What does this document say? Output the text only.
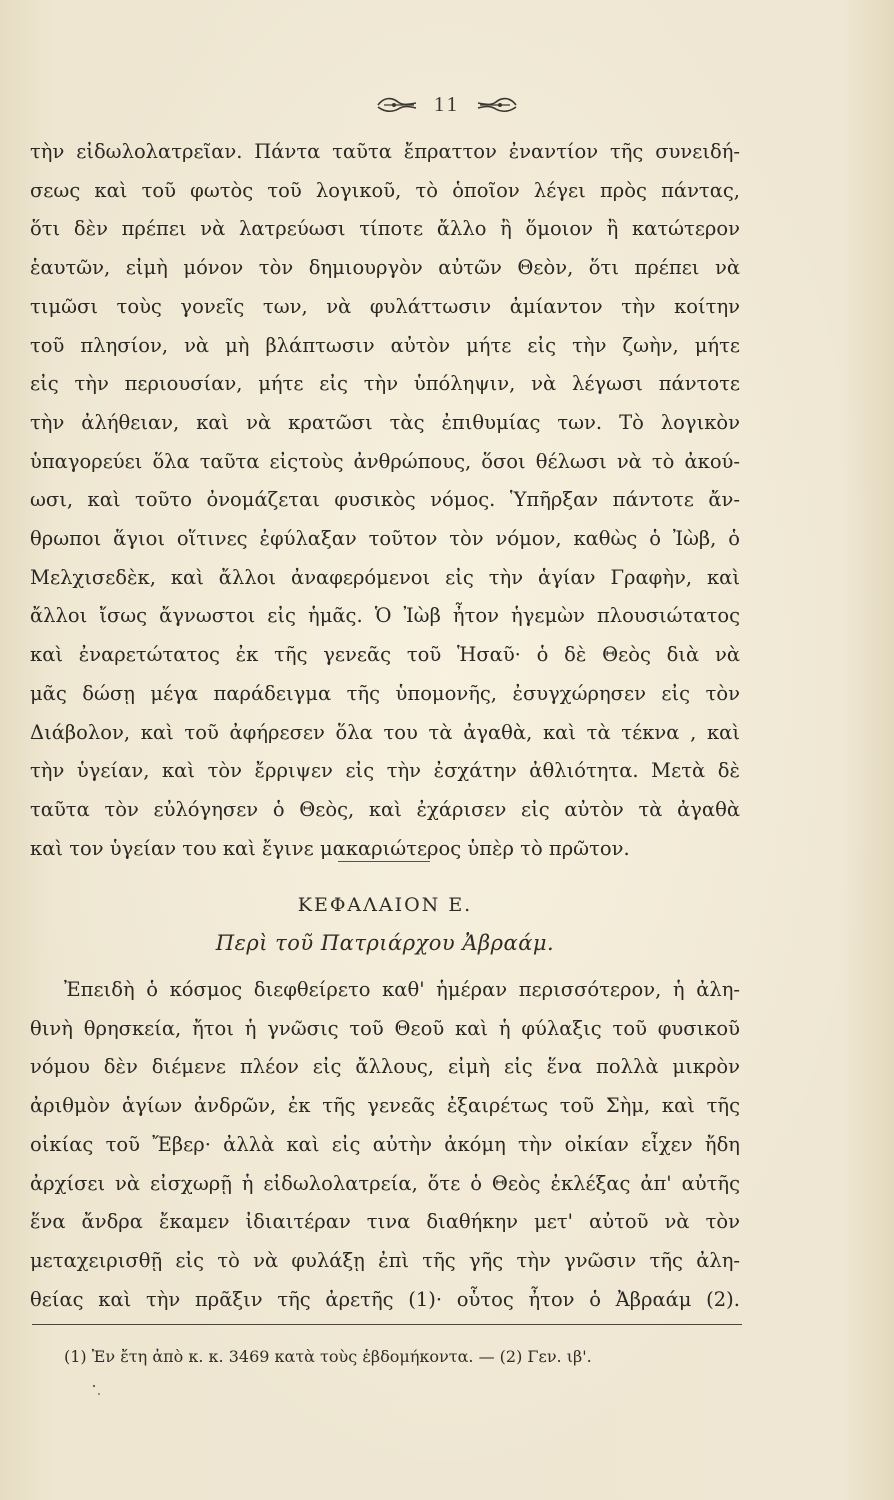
11
τὴν εἰδωλολατρεῖαν. Πάντα ταῦτα ἔπραττον ἐναντίον τῆς συνειδή-
σεως καὶ τοῦ φωτὸς τοῦ λογικοῦ, τὸ ὁποῖον λέγει πρὸς πάντας,
ὅτι δὲν πρέπει νὰ λατρεύωσι τίποτε ἄλλο ἢ ὅμοιον ἢ κατώτερον
ἑαυτῶν, εἰμὴ μόνον τὸν δημιουργὸν αὐτῶν Θεὸν, ὅτι πρέπει νὰ
τιμῶσι τοὺς γονεῖς των, νὰ φυλάττωσιν ἀμίαντον τὴν κοίτην
τοῦ πλησίον, νὰ μὴ βλάπτωσιν αὐτὸν μήτε εἰς τὴν ζωὴν, μήτε
εἰς τὴν περιουσίαν, μήτε εἰς τὴν ὑπόληψιν, νὰ λέγωσι πάντοτε
τὴν ἀλήθειαν, καὶ νὰ κρατῶσι τὰς ἐπιθυμίας των. Τὸ λογικὸν
ὑπαγορεύει ὅλα ταῦτα εἰςτοὺς ἀνθρώπους, ὅσοι θέλωσι νὰ τὸ ἀκού-
ωσι, καὶ τοῦτο ὀνομάζεται φυσικὸς νόμος. Ὑπῆρξαν πάντοτε ἄν-
θρωποι ἅγιοι οἵτινες ἐφύλαξαν τοῦτον τὸν νόμον, καθὼς ὁ Ἰὼβ, ὁ
Μελχισεδὲκ, καὶ ἄλλοι ἀναφερόμενοι εἰς τὴν ἁγίαν Γραφὴν, καὶ
ἄλλοι ἴσως ἄγνωστοι εἰς ἡμᾶς. Ὁ Ἰὼβ ἦτον ἡγεμὼν πλουσιώτατος
καὶ ἐναρετώτατος ἐκ τῆς γενεᾶς τοῦ Ἡσαῦ· ὁ δὲ Θεὸς διὰ νὰ
μᾶς δώσῃ μέγα παράδειγμα τῆς ὑπομονῆς, ἐσυγχώρησεν εἰς τὸν
Διάβολον, καὶ τοῦ ἀφήρεσεν ὅλα του τὰ ἀγαθὰ, καὶ τὰ τέκνα , καὶ
τὴν ὑγείαν, καὶ τὸν ἔρριψεν εἰς τὴν ἐσχάτην ἀθλιότητα. Μετὰ δὲ
ταῦτα τὸν εὐλόγησεν ὁ Θεὸς, καὶ ἐχάρισεν εἰς αὐτὸν τὰ ἀγαθὰ
καὶ τον ὑγείαν του καὶ ἔγινε μακαριώτερος ὑπὲρ τὸ πρῶτον.
ΚΕΦΑΛΑΙΟΝ Ε.
Περὶ τοῦ Πατριάρχου Ἀβραάμ.
Ἐπειδὴ ὁ κόσμος διεφθείρετο καθ' ἡμέραν περισσότερον, ἡ ἀλη-
θινὴ θρησκεία, ἤτοι ἡ γνῶσις τοῦ Θεοῦ καὶ ἡ φύλαξις τοῦ φυσικοῦ
νόμου δὲν διέμενε πλέον εἰς ἄλλους, εἰμὴ εἰς ἕνα πολλὰ μικρὸν
ἀριθμὸν ἁγίων ἀνδρῶν, ἐκ τῆς γενεᾶς ἐξαιρέτως τοῦ Σὴμ, καὶ τῆς
οἰκίας τοῦ Ἔβερ· ἀλλὰ καὶ εἰς αὐτὴν ἀκόμη τὴν οἰκίαν εἶχεν ἤδη
ἀρχίσει νὰ εἰσχωρῇ ἡ εἰδωλολατρεία, ὅτε ὁ Θεὸς ἐκλέξας ἀπ' αὐτῆς
ἕνα ἄνδρα ἔκαμεν ἰδιαιτέραν τινα διαθήκην μετ' αὐτοῦ νὰ τὸν
μεταχειρισθῇ εἰς τὸ νὰ φυλάξῃ ἐπὶ τῆς γῆς τὴν γνῶσιν τῆς ἀλη-
θείας καὶ τὴν πρᾶξιν τῆς ἀρετῆς (1)· οὗτος ἦτον ὁ Ἀβραάμ (2).
(1) Ἐν ἔτη ἀπὸ κ. κ. 3469 κατὰ τοὺς ἑβδομήκοντα. — (2) Γεν. ιβ'.
